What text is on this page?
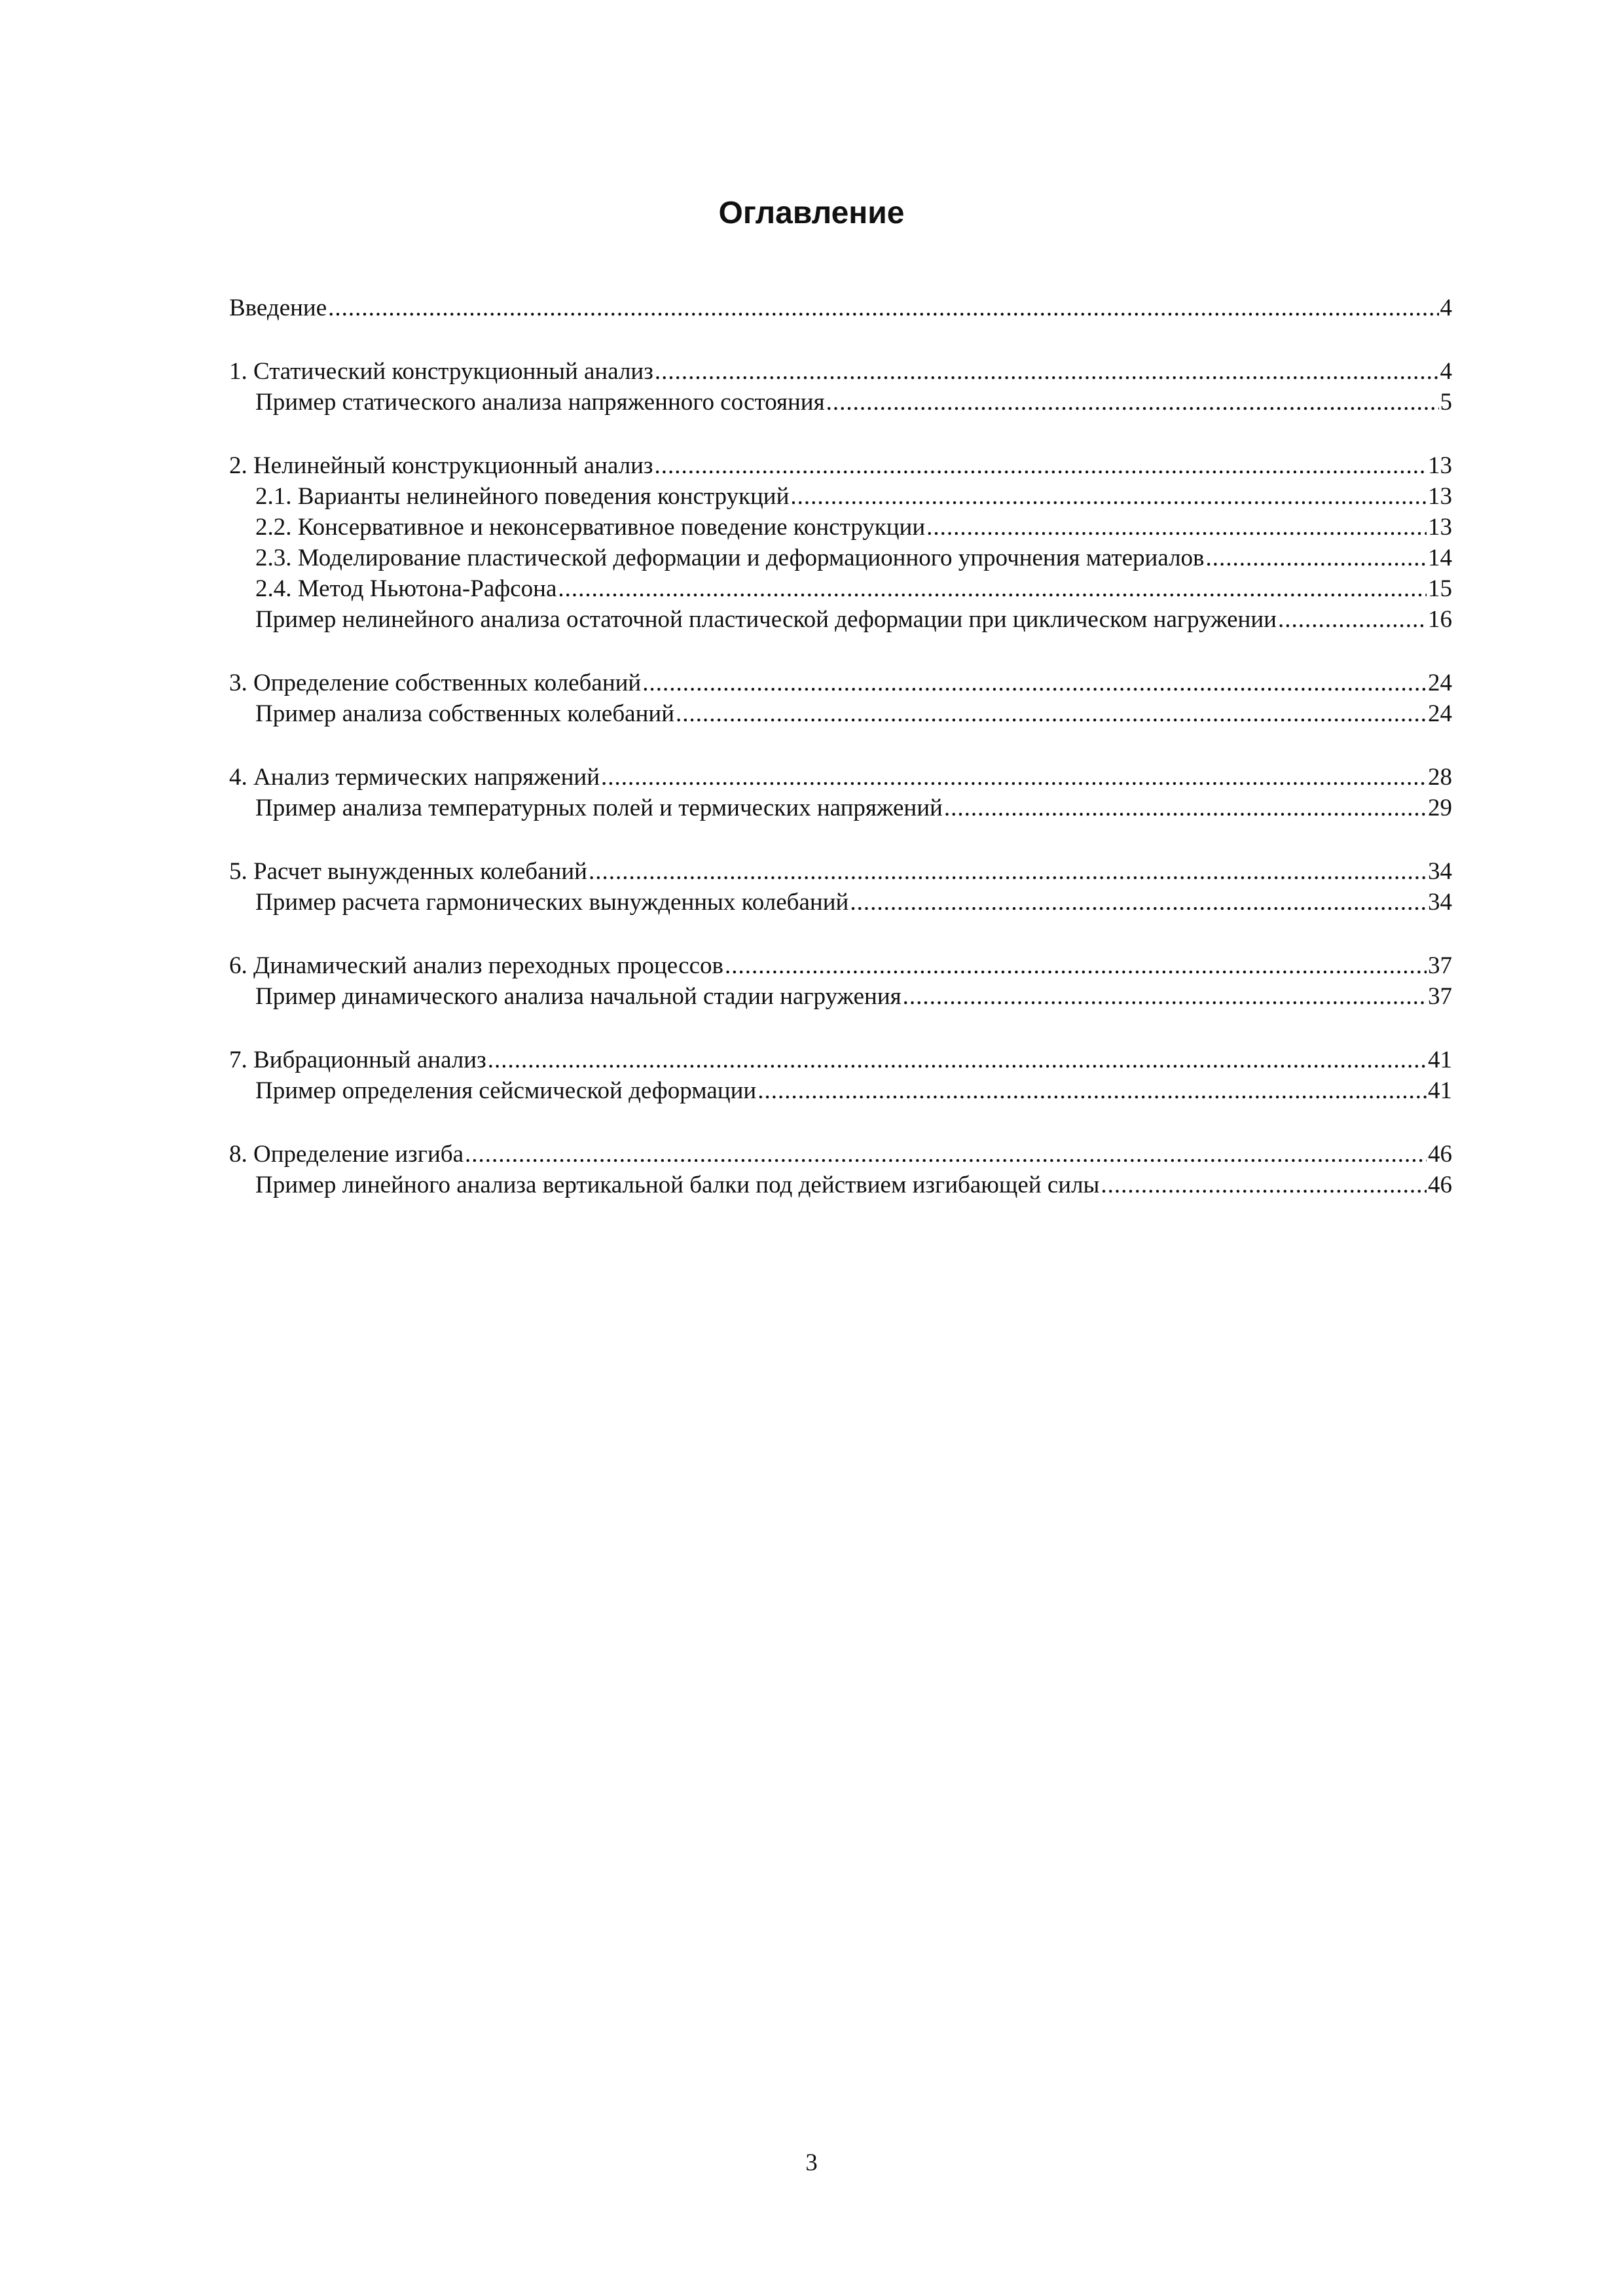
Оглавление
Введение .....	4
1. Статический конструкционный анализ .....	4
Пример статического анализа напряженного состояния .....	5
2. Нелинейный конструкционный анализ .....	13
2.1. Варианты нелинейного поведения конструкций .....	13
2.2. Консервативное и неконсервативное поведение конструкции .....	13
2.3. Моделирование пластической деформации и деформационного упрочнения материалов .....	14
2.4. Метод Ньютона-Рафсона .....	15
Пример нелинейного анализа остаточной пластической деформации при циклическом нагружении .....	16
3. Определение собственных колебаний .....	24
Пример анализа собственных колебаний .....	24
4. Анализ термических напряжений .....	28
Пример анализа температурных полей и термических напряжений .....	29
5. Расчет вынужденных колебаний .....	34
Пример расчета гармонических вынужденных колебаний .....	34
6. Динамический анализ переходных процессов .....	37
Пример динамического анализа начальной стадии нагружения .....	37
7. Вибрационный анализ .....	41
Пример определения сейсмической деформации .....	41
8. Определение изгиба .....	46
Пример линейного анализа вертикальной балки под действием изгибающей силы .....	46
3
